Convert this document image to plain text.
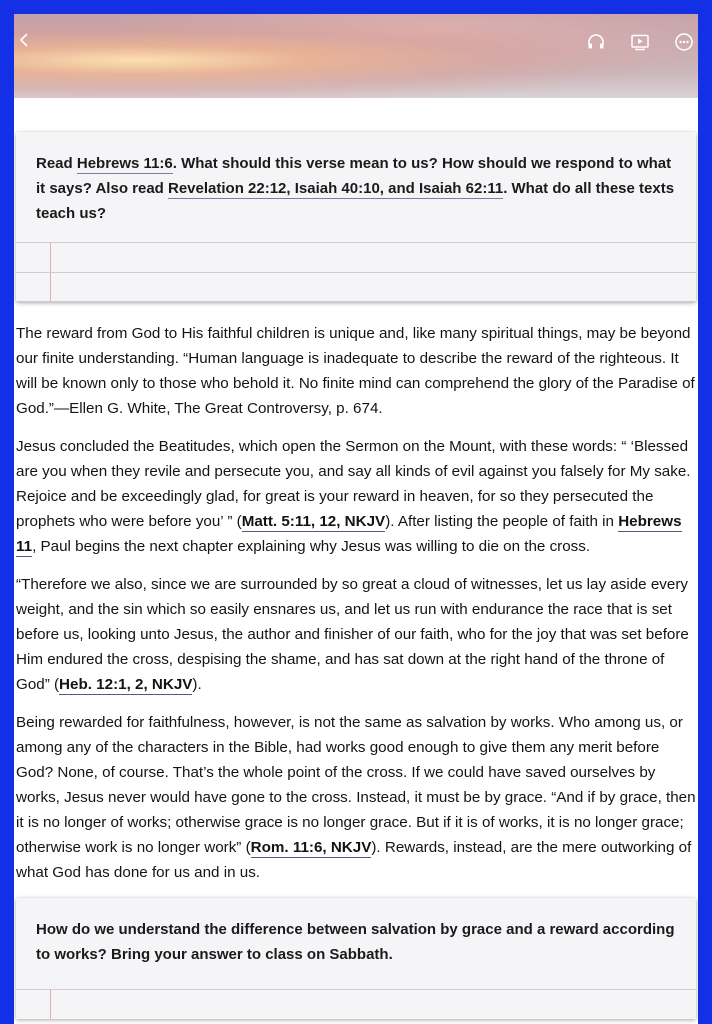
Read Hebrews 11:6. What should this verse mean to us? How should we respond to what it says? Also read Revelation 22:12, Isaiah 40:10, and Isaiah 62:11. What do all these texts teach us?

The reward from God to His faithful children is unique and, like many spiritual things, may be beyond our finite understanding. “Human language is inadequate to describe the reward of the righteous. It will be known only to those who behold it. No finite mind can comprehend the glory of the Paradise of God.”—Ellen G. White, The Great Controversy, p. 674.

Jesus concluded the Beatitudes, which open the Sermon on the Mount, with these words: “ ‘Blessed are you when they revile and persecute you, and say all kinds of evil against you falsely for My sake. Rejoice and be exceedingly glad, for great is your reward in heaven, for so they persecuted the prophets who were before you’ ” (Matt. 5:11, 12, NKJV). After listing the people of faith in Hebrews 11, Paul begins the next chapter explaining why Jesus was willing to die on the cross.

“Therefore we also, since we are surrounded by so great a cloud of witnesses, let us lay aside every weight, and the sin which so easily ensnares us, and let us run with endurance the race that is set before us, looking unto Jesus, the author and finisher of our faith, who for the joy that was set before Him endured the cross, despising the shame, and has sat down at the right hand of the throne of God” (Heb. 12:1, 2, NKJV).

Being rewarded for faithfulness, however, is not the same as salvation by works. Who among us, or among any of the characters in the Bible, had works good enough to give them any merit before God? None, of course. That’s the whole point of the cross. If we could have saved ourselves by works, Jesus never would have gone to the cross. Instead, it must be by grace. “And if by grace, then it is no longer of works; otherwise grace is no longer grace. But if it is of works, it is no longer grace; otherwise work is no longer work” (Rom. 11:6, NKJV). Rewards, instead, are the mere outworking of what God has done for us and in us.

How do we understand the difference between salvation by grace and a reward according to works? Bring your answer to class on Sabbath.
